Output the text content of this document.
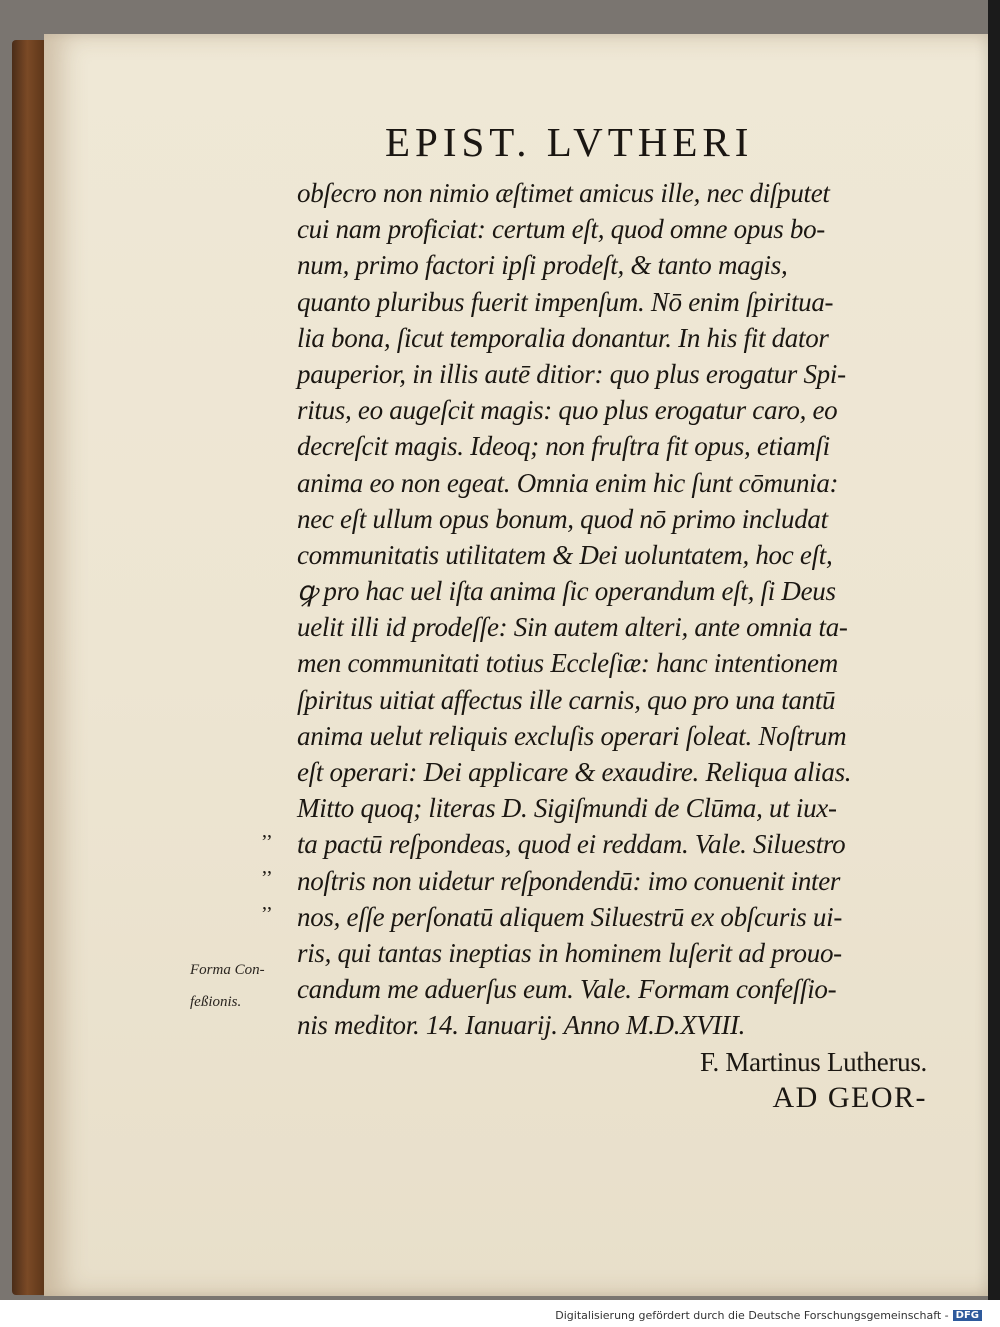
EPIST. LVTHERI
obſecro non nimio æſtimet amicus ille, nec diſputet
cui nam proficiat: certum eſt, quod omne opus bo-
num, primo factori ipſi prodeſt, & tanto magis,
quanto pluribus fuerit impenſum. Nō enim ſpiritua-
lia bona, ſicut temporalia donantur. In his fit dator
pauperior, in illis autē ditior: quo plus erogatur Spi-
ritus, eo augeſcit magis: quo plus erogatur caro, eo
decreſcit magis. Ideoq; non fruſtra fit opus, etiamſi
anima eo non egeat. Omnia enim hic ſunt cōmunia:
nec eſt ullum opus bonum, quod nō primo includat
communitatis utilitatem & Dei uoluntatem, hoc eſt,
ꝙ pro hac uel iſta anima ſic operandum eſt, ſi Deus
uelit illi id prodeſſe: Sin autem alteri, ante omnia ta-
men communitati totius Eccleſiæ: hanc intentionem
ſpiritus uitiat affectus ille carnis, quo pro una tantū
anima uelut reliquis excluſis operari ſoleat. Noſtrum
eſt operari: Dei applicare & exaudire. Reliqua alias.
Mitto quoq; literas D. Sigiſmundi de Clūma, ut iux-
ta pactū reſpondeas, quod ei reddam. Vale. Siluestro
noſtris non uidetur reſpondendū: imo conuenit inter
nos, eſſe perſonatū aliquem Siluestrū ex obſcuris ui-
ris, qui tantas ineptias in hominem luſerit ad prouo-
candum me aduerſus eum. Vale. Formam confeſſio-
nis meditor. 14. Ianuarij. Anno M.D.XVIII.
F. Martinus Lutherus.
AD GEOR-
,,
,,
,,
Forma Con-
feßionis.
Digitalisierung gefördert durch die Deutsche Forschungsgemeinschaft - DFG
